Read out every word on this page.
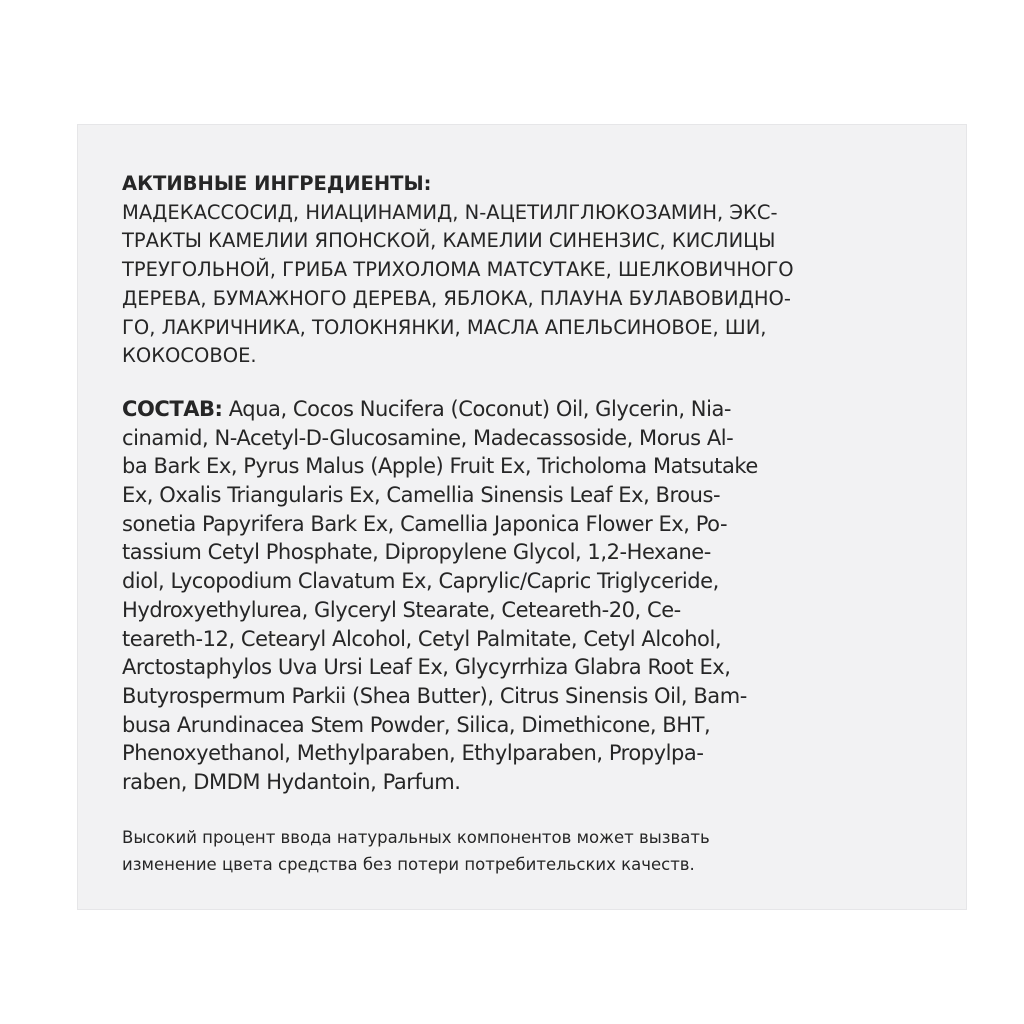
АКТИВНЫЕ ИНГРЕДИЕНТЫ:
МАДЕКАССОСИД, НИАЦИНАМИД, N-АЦЕТИЛГЛЮКОЗАМИН, ЭКС-
ТРАКТЫ КАМЕЛИИ ЯПОНСКОЙ, КАМЕЛИИ СИНЕНЗИС, КИСЛИЦЫ
ТРЕУГОЛЬНОЙ, ГРИБА ТРИХОЛОМА МАТСУТАКЕ, ШЕЛКОВИЧНОГО
ДЕРЕВА, БУМАЖНОГО ДЕРЕВА, ЯБЛОКА, ПЛАУНА БУЛАВОВИДНО-
ГО, ЛАКРИЧНИКА, ТОЛОКНЯНКИ, МАСЛА АПЕЛЬСИНОВОЕ, ШИ,
КОКОСОВОЕ.
СОСТАВ: Aqua, Cocos Nucifera (Coconut) Oil, Glycerin, Nia-
cinamid, N-Acetyl-D-Glucosamine, Madecassoside, Morus Al-
ba Bark Ex, Pyrus Malus (Apple) Fruit Ex, Tricholoma Matsutake
Ex, Oxalis Triangularis Ex, Camellia Sinensis Leaf Ex, Brous-
sonetia Papyrifera Bark Ex, Camellia Japonica Flower Ex, Po-
tassium Cetyl Phosphate, Dipropylene Glycol, 1,2-Hexane-
diol, Lycopodium Clavatum Ex, Caprylic/Capric Triglyceride,
Hydroxyethylurea, Glyceryl Stearate, Ceteareth-20, Ce-
teareth-12, Cetearyl Alcohol, Cetyl Palmitate, Cetyl Alcohol,
Arctostaphylos Uva Ursi Leaf Ex, Glycyrrhiza Glabra Root Ex,
Butyrospermum Parkii (Shea Butter), Citrus Sinensis Oil, Bam-
busa Arundinacea Stem Powder, Silica, Dimethicone, BHT,
Phenoxyethanol, Methylparaben, Ethylparaben, Propylpa-
raben, DMDM Hydantoin, Parfum.
Высокий процент ввода натуральных компонентов может вызвать
изменение цвета средства без потери потребительских качеств.
